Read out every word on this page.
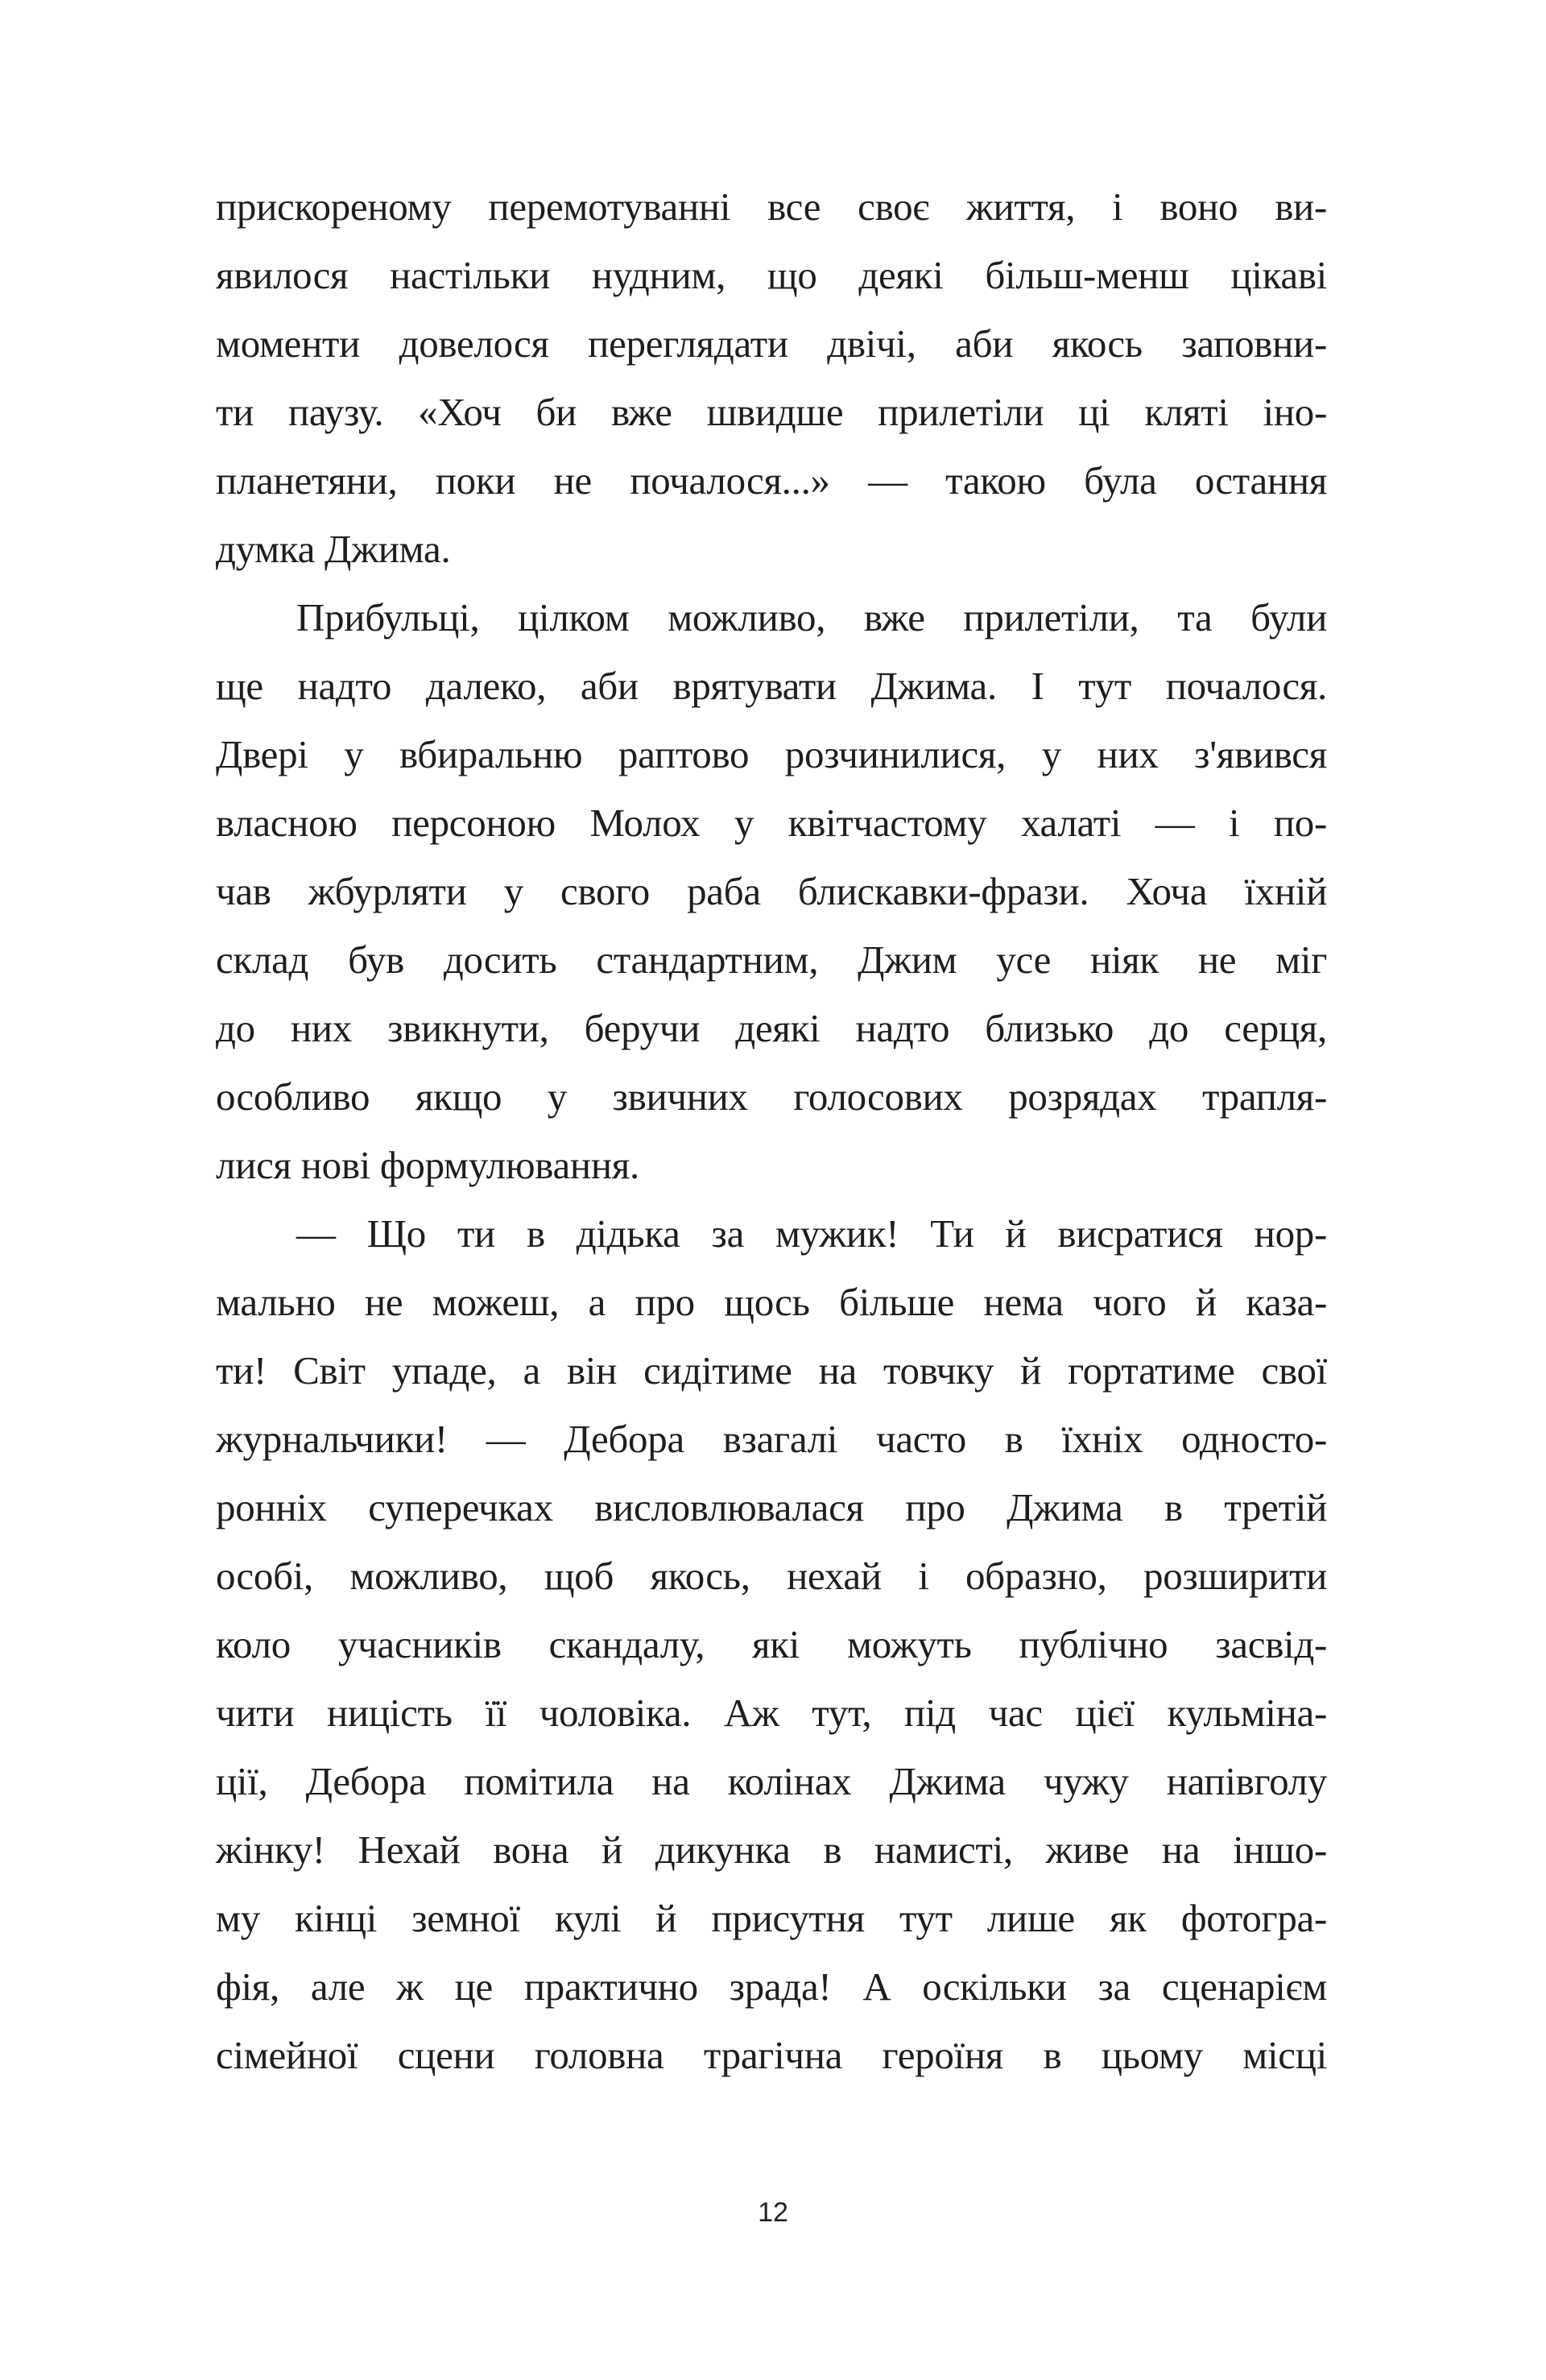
прискореному перемотуванні все своє життя, і воно ви-
явилося настільки нудним, що деякі більш-менш цікаві
моменти довелося переглядати двічі, аби якось заповни-
ти паузу. «Хоч би вже швидше прилетіли ці кляті іно-
планетяни, поки не почалося...» — такою була остання
думка Джима.
Прибульці, цілком можливо, вже прилетіли, та були
ще надто далеко, аби врятувати Джима. І тут почалося.
Двері у вбиральню раптово розчинилися, у них з'явився
власною персоною Молох у квітчастому халаті — і по-
чав жбурляти у свого раба блискавки-фрази. Хоча їхній
склад був досить стандартним, Джим усе ніяк не міг
до них звикнути, беручи деякі надто близько до серця,
особливо якщо у звичних голосових розрядах трапля-
лися нові формулювання.
— Що ти в дідька за мужик! Ти й висратися нор-
мально не можеш, а про щось більше нема чого й каза-
ти! Світ упаде, а він сидітиме на товчку й гортатиме свої
журнальчики! — Дебора взагалі часто в їхніх односто-
ронніх суперечках висловлювалася про Джима в третій
особі, можливо, щоб якось, нехай і образно, розширити
коло учасників скандалу, які можуть публічно засвід-
чити ницість її чоловіка. Аж тут, під час цієї кульміна-
ції, Дебора помітила на колінах Джима чужу напівголу
жінку! Нехай вона й дикунка в намисті, живе на іншо-
му кінці земної кулі й присутня тут лише як фотогра-
фія, але ж це практично зрада! А оскільки за сценарієм
сімейної сцени головна трагічна героїня в цьому місці
12
